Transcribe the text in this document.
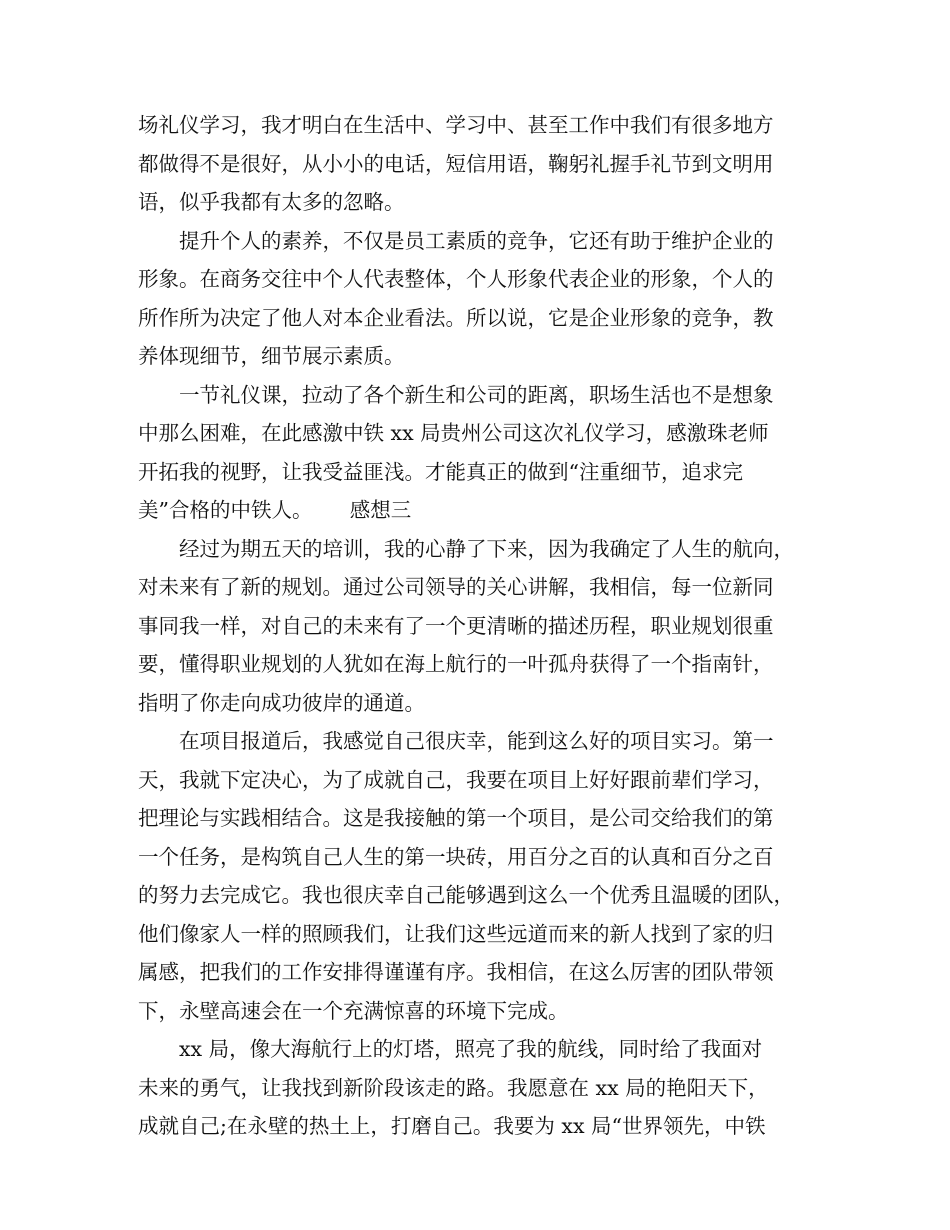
场礼仪学习，我才明白在生活中、学习中、甚至工作中我们有很多地方
都做得不是很好，从小小的电话，短信用语，鞠躬礼握手礼节到文明用
语，似乎我都有太多的忽略。
　　提升个人的素养，不仅是员工素质的竞争，它还有助于维护企业的
形象。在商务交往中个人代表整体，个人形象代表企业的形象，个人的
所作所为决定了他人对本企业看法。所以说，它是企业形象的竞争，教
养体现细节，细节展示素质。
　　一节礼仪课，拉动了各个新生和公司的距离，职场生活也不是想象
中那么困难，在此感激中铁 xx 局贵州公司这次礼仪学习，感激珠老师
开拓我的视野，让我受益匪浅。才能真正的做到“注重细节，追求完
美”合格的中铁人。　　 感想三
　　经过为期五天的培训，我的心静了下来，因为我确定了人生的航向，
对未来有了新的规划。通过公司领导的关心讲解，我相信，每一位新同
事同我一样，对自己的未来有了一个更清晰的描述历程，职业规划很重
要，懂得职业规划的人犹如在海上航行的一叶孤舟获得了一个指南针，
指明了你走向成功彼岸的通道。
　　在项目报道后，我感觉自己很庆幸，能到这么好的项目实习。第一
天，我就下定决心，为了成就自己，我要在项目上好好跟前辈们学习，
把理论与实践相结合。这是我接触的第一个项目，是公司交给我们的第
一个任务，是构筑自己人生的第一块砖，用百分之百的认真和百分之百
的努力去完成它。我也很庆幸自己能够遇到这么一个优秀且温暖的团队，
他们像家人一样的照顾我们，让我们这些远道而来的新人找到了家的归
属感，把我们的工作安排得谨谨有序。我相信，在这么厉害的团队带领
下，永壁高速会在一个充满惊喜的环境下完成。
　　xx 局，像大海航行上的灯塔，照亮了我的航线，同时给了我面对
未来的勇气，让我找到新阶段该走的路。我愿意在 xx 局的艳阳天下，
成就自己;在永壁的热土上，打磨自己。我要为 xx 局“世界领先，中铁
